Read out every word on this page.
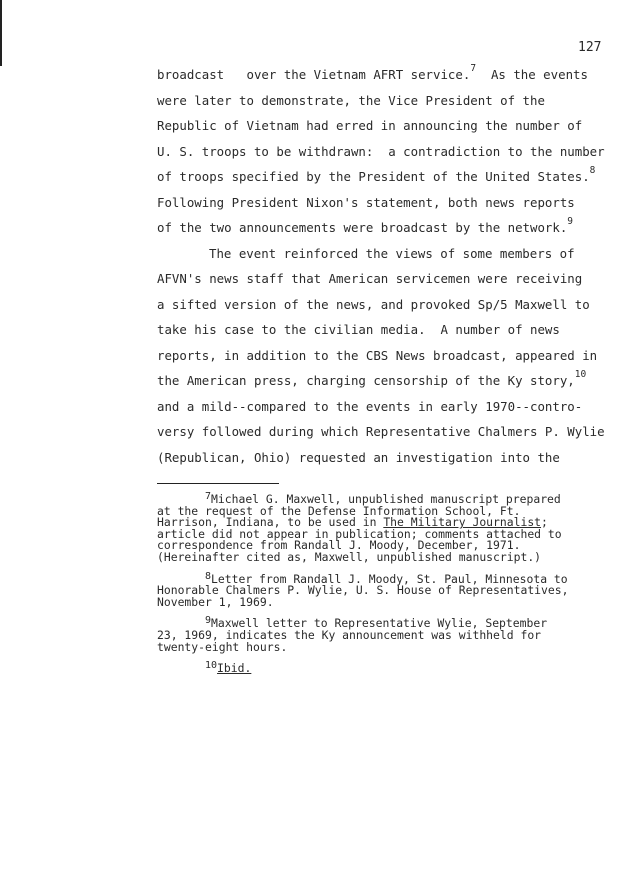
127
broadcast   over the Vietnam AFRT service.$^7$  As the events
were later to demonstrate, the Vice President of the
Republic of Vietnam had erred in announcing the number of
U. S. troops to be withdrawn:  a contradiction to the number
of troops specified by the President of the United States.$^8$
Following President Nixon's statement, both news reports
of the two announcements were broadcast by the network.$^9$
The event reinforced the views of some members of
AFVN's news staff that American servicemen were receiving
a sifted version of the news, and provoked Sp/5 Maxwell to
take his case to the civilian media.  A number of news
reports, in addition to the CBS News broadcast, appeared in
the American press, charging censorship of the Ky story,$^{10}$
and a mild--compared to the events in early 1970--contro-
versy followed during which Representative Chalmers P. Wylie
(Republican, Ohio) requested an investigation into the
7Michael G. Maxwell, unpublished manuscript prepared
at the request of the Defense Information School, Ft.
Harrison, Indiana, to be used in The Military Journalist;
article did not appear in publication; comments attached to
correspondence from Randall J. Moody, December, 1971.
(Hereinafter cited as, Maxwell, unpublished manuscript.)
8Letter from Randall J. Moody, St. Paul, Minnesota to
Honorable Chalmers P. Wylie, U. S. House of Representatives,
November 1, 1969.
9Maxwell letter to Representative Wylie, September
23, 1969, indicates the Ky announcement was withheld for
twenty-eight hours.
10Ibid.
